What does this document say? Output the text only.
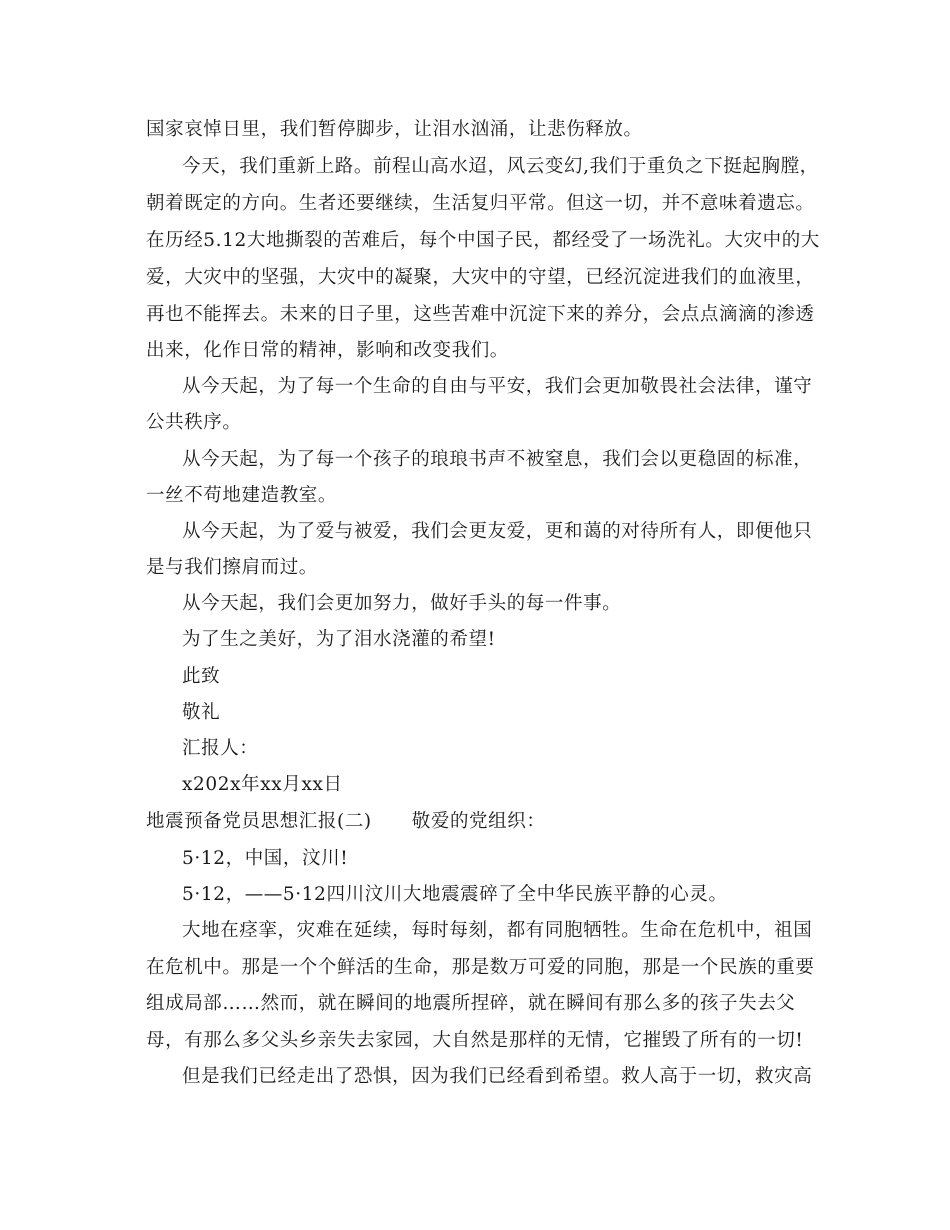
国家哀悼日里，我们暂停脚步，让泪水汹涌，让悲伤释放。
今天，我们重新上路。前程山高水迢，风云变幻,我们于重负之下挺起胸膛，
朝着既定的方向。生者还要继续，生活复归平常。但这一切，并不意味着遗忘。
在历经5.12大地撕裂的苦难后，每个中国子民，都经受了一场洗礼。大灾中的大
爱，大灾中的坚强，大灾中的凝聚，大灾中的守望，已经沉淀进我们的血液里，
再也不能挥去。未来的日子里，这些苦难中沉淀下来的养分，会点点滴滴的渗透
出来，化作日常的精神，影响和改变我们。
从今天起，为了每一个生命的自由与平安，我们会更加敬畏社会法律，谨守
公共秩序。
从今天起，为了每一个孩子的琅琅书声不被窒息，我们会以更稳固的标准，
一丝不苟地建造教室。
从今天起，为了爱与被爱，我们会更友爱，更和蔼的对待所有人，即便他只
是与我们擦肩而过。
从今天起，我们会更加努力，做好手头的每一件事。
为了生之美好，为了泪水浇灌的希望!
此致
敬礼
汇报人：
x202x年xx月xx日
地震预备党员思想汇报(二) 敬爱的党组织：
5·12，中国，汶川!
5·12，——5·12四川汶川大地震震碎了全中华民族平静的心灵。
大地在痉挛，灾难在延续，每时每刻，都有同胞牺牲。生命在危机中，祖国
在危机中。那是一个个鲜活的生命，那是数万可爱的同胞，那是一个民族的重要
组成局部……然而，就在瞬间的地震所捏碎，就在瞬间有那么多的孩子失去父
母，有那么多父头乡亲失去家园，大自然是那样的无情，它摧毁了所有的一切!
但是我们已经走出了恐惧，因为我们已经看到希望。救人高于一切，救灾高
